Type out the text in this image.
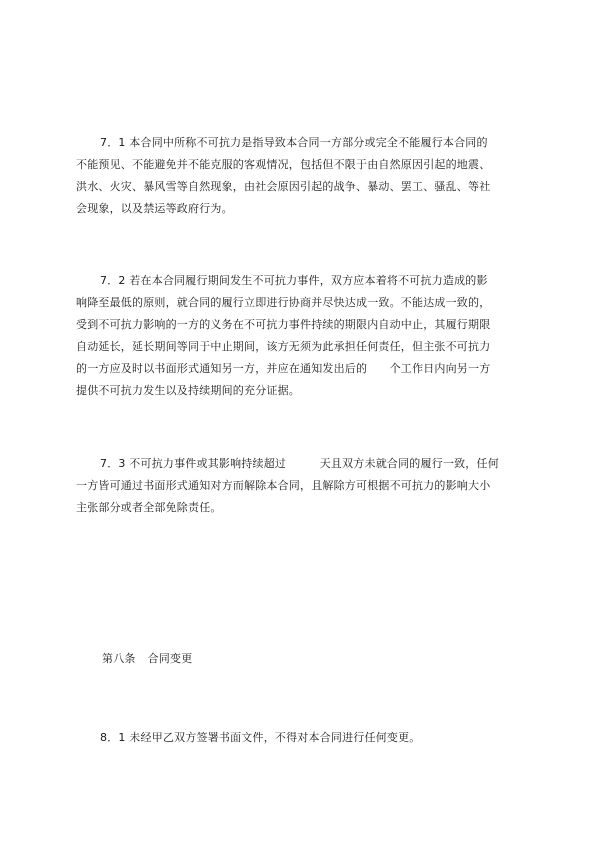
7．1 本合同中所称不可抗力是指导致本合同一方部分或完全不能履行本合同的
不能预见、不能避免并不能克服的客观情况，包括但不限于由自然原因引起的地震、
洪水、火灾、暴风雪等自然现象，由社会原因引起的战争、暴动、罢工、骚乱、等社
会现象，以及禁运等政府行为。
7．2 若在本合同履行期间发生不可抗力事件，双方应本着将不可抗力造成的影
响降至最低的原则，就合同的履行立即进行协商并尽快达成一致。不能达成一致的，
受到不可抗力影响的一方的义务在不可抗力事件持续的期限内自动中止，其履行期限
自动延长，延长期间等同于中止期间，该方无须为此承担任何责任，但主张不可抗力
的一方应及时以书面形式通知另一方，并应在通知发出后的　　个工作日内向另一方
提供不可抗力发生以及持续期间的充分证据。
7．3 不可抗力事件或其影响持续超过　　　天且双方未就合同的履行一致，任何
一方皆可通过书面形式通知对方而解除本合同，且解除方可根据不可抗力的影响大小
主张部分或者全部免除责任。
第八条 合同变更
8．1 未经甲乙双方签署书面文件，不得对本合同进行任何变更。
